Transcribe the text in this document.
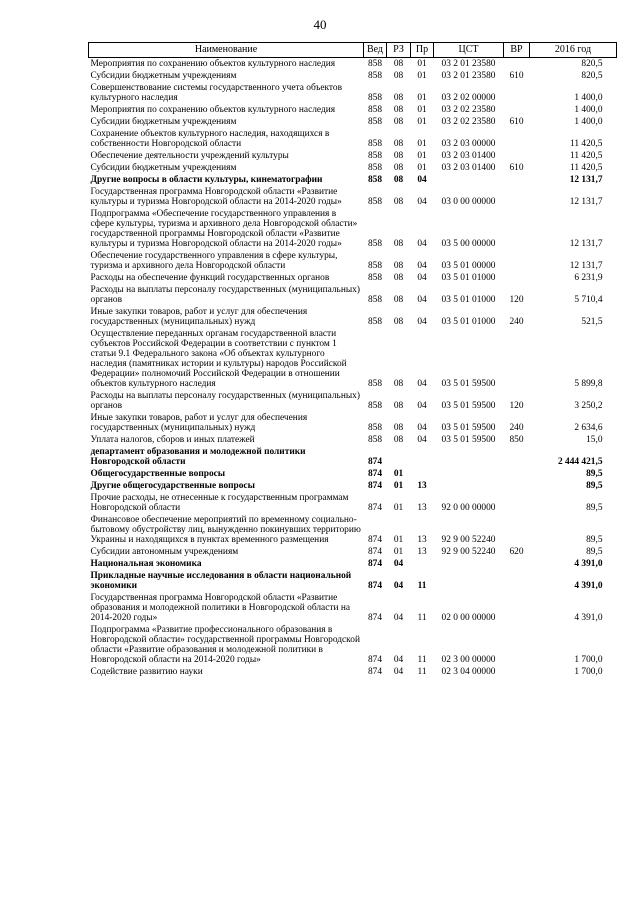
40
Наименование	Вед	РЗ	Пр	ЦСТ	ВР	2016 год
Мероприятия по сохранению объектов культурного наследия	858	08	01	03 2 01 23580		820,5
Субсидии бюджетным учреждениям	858	08	01	03 2 01 23580	610	820,5
Совершенствование системы государственного учета объектов культурного наследия	858	08	01	03 2 02 00000		1 400,0
Мероприятия по сохранению объектов культурного наследия	858	08	01	03 2 02 23580		1 400,0
Субсидии бюджетным учреждениям	858	08	01	03 2 02 23580	610	1 400,0
Сохранение объектов культурного наследия, находящихся в собственности Новгородской области	858	08	01	03 2 03 00000		11 420,5
Обеспечение деятельности учреждений культуры	858	08	01	03 2 03 01400		11 420,5
Субсидии бюджетным учреждениям	858	08	01	03 2 03 01400	610	11 420,5
Другие вопросы в области культуры, кинематографии	858	08	04			12 131,7
Государственная программа Новгородской области «Развитие культуры и туризма Новгородской области на 2014-2020 годы»	858	08	04	03 0 00 00000		12 131,7
Подпрограмма «Обеспечение государственного управления в сфере культуры, туризма и архивного дела Новгородской области» государственной программы Новгородской области «Развитие культуры и туризма Новгородской области на 2014-2020 годы»	858	08	04	03 5 00 00000		12 131,7
Обеспечение государственного управления в сфере культуры, туризма и архивного дела Новгородской области	858	08	04	03 5 01 00000		12 131,7
Расходы на обеспечение функций государственных органов	858	08	04	03 5 01 01000		6 231,9
Расходы на выплаты персоналу государственных (муниципальных) органов	858	08	04	03 5 01 01000	120	5 710,4
Иные закупки товаров, работ и услуг для обеспечения государственных (муниципальных) нужд	858	08	04	03 5 01 01000	240	521,5
Осуществление переданных органам государственной власти субъектов Российской Федерации в соответствии с пунктом 1 статьи 9.1 Федерального закона «Об объектах культурного наследия (памятниках истории и культуры) народов Российской Федерации» полномочий Российской Федерации в отношении объектов культурного наследия	858	08	04	03 5 01 59500		5 899,8
Расходы на выплаты персоналу государственных (муниципальных) органов	858	08	04	03 5 01 59500	120	3 250,2
Иные закупки товаров, работ и услуг для обеспечения государственных (муниципальных) нужд	858	08	04	03 5 01 59500	240	2 634,6
Уплата налогов, сборов и иных платежей	858	08	04	03 5 01 59500	850	15,0
департамент образования и молодежной политики Новгородской области	874					2 444 421,5
Общегосударственные вопросы	874	01				89,5
Другие общегосударственные вопросы	874	01	13			89,5
Прочие расходы, не отнесенные к государственным программам Новгородской области	874	01	13	92 0 00 00000		89,5
Финансовое обеспечение мероприятий по временному социально-бытовому обустройству лиц, вынужденно покинувших территорию Украины и находящихся в пунктах временного размещения	874	01	13	92 9 00 52240		89,5
Субсидии автономным учреждениям	874	01	13	92 9 00 52240	620	89,5
Национальная экономика	874	04				4 391,0
Прикладные научные исследования в области национальной экономики	874	04	11			4 391,0
Государственная программа Новгородской области «Развитие образования и молодежной политики в Новгородской области на 2014-2020 годы»	874	04	11	02 0 00 00000		4 391,0
Подпрограмма «Развитие профессионального образования в Новгородской области» государственной программы Новгородской области «Развитие образования и молодежной политики в Новгородской области на 2014-2020 годы»	874	04	11	02 3 00 00000		1 700,0
Содействие развитию науки	874	04	11	02 3 04 00000		1 700,0
